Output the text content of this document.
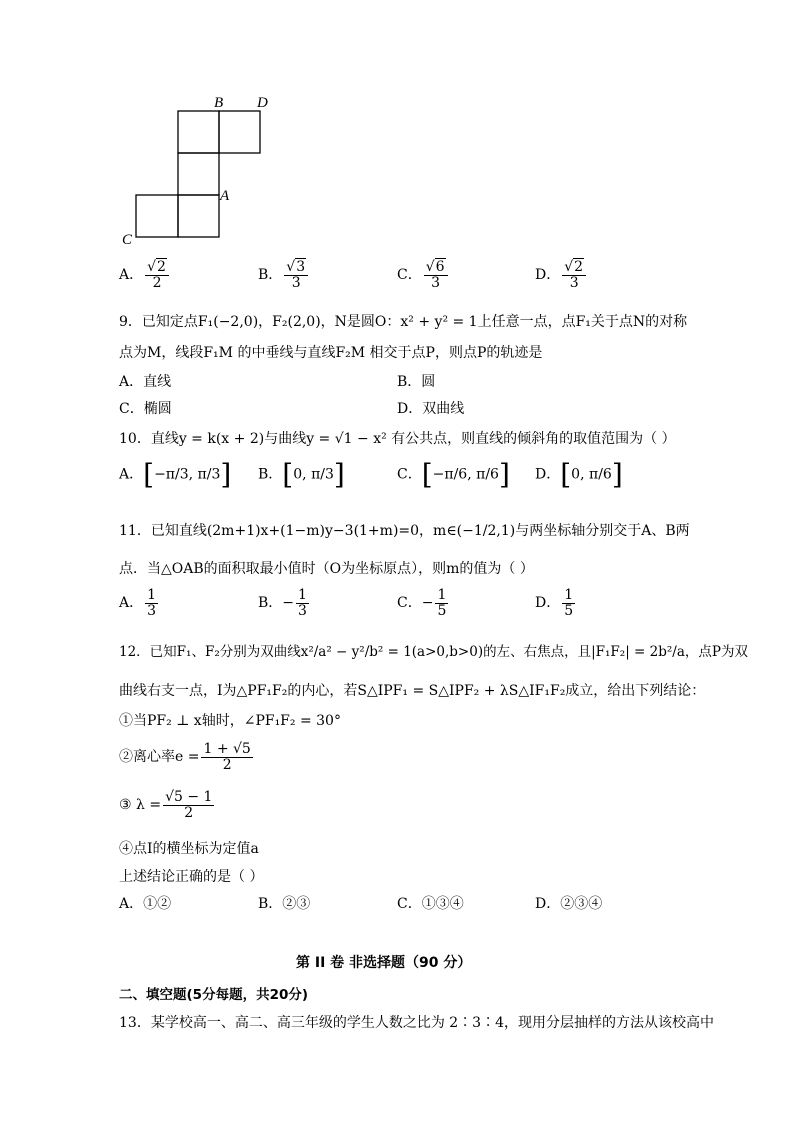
B D
A
C
A． $\frac{√2}{2}$	B． $\frac{√3}{3}$	C． $\frac{√6}{3}$	D． $\frac{√2}{3}$
9．已知定点F₁(−2,0)，F₂(2,0)，N是圆O：x² + y² = 1上任意一点，点F₁关于点N的对称
点为M，线段F₁M 的中垂线与直线F₂M 相交于点P，则点P的轨迹是
A．直线	B．圆
C．椭圆	D．双曲线
10．直线y = k(x + 2)与曲线y = √1 − x² 有公共点，则直线的倾斜角的取值范围为（ ）
A．[−π/3, π/3] B．[0, π/3]	C．[−π/6, π/6] D．[0, π/6]
11．已知直线(2m+1)x+(1−m)y−3(1+m)=0，m∈(−1/2,1)与两坐标轴分别交于A、B两
点．当△OAB的面积取最小值时（O为坐标原点），则m的值为（ ）
A． $\frac{1}{3}$	B．− $\frac{1}{3}$	C．− $\frac{1}{5}$	D． $\frac{1}{5}$
12．已知F₁、F₂分别为双曲线x²/a² − y²/b² = 1(a>0,b>0)的左、右焦点，且|F₁F₂| = 2b²/a，点P为双
曲线右支一点，I为△PF₁F₂的内心，若S△IPF₁ = S△IPF₂ + λS△IF₁F₂成立，给出下列结论：
①当PF₂ ⊥ x轴时，∠PF₁F₂ = 30°
②离心率$e = \frac{1 + √5}{2}$
③ $\lambda = \frac{√5 - 1}{2}$
④点I的横坐标为定值a
上述结论正确的是（ ）
A．①②	B．②③	C．①③④	D．②③④
第 II 卷 非选择题（90 分）
二、填空题(5分每题，共20分)
13．某学校高一、高二、高三年级的学生人数之比为 2∶3∶4，现用分层抽样的方法从该校高中
